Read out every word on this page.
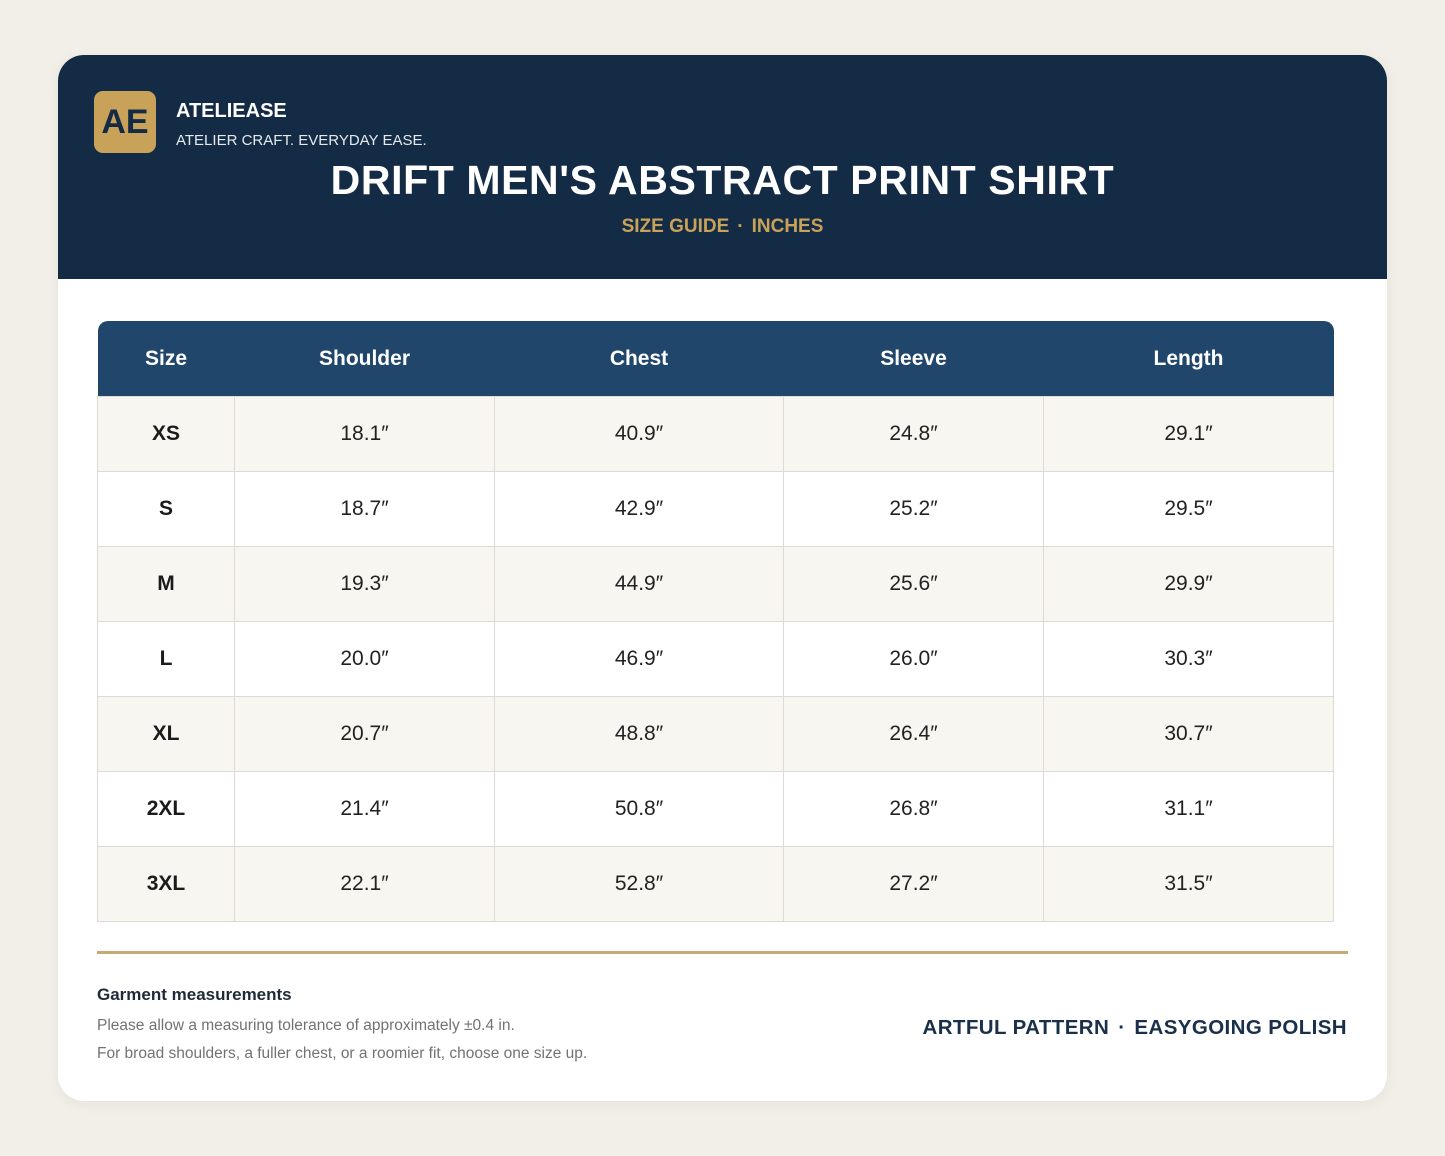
AE	ATELIEASE
ATELIER CRAFT. EVERYDAY EASE.
DRIFT MEN'S ABSTRACT PRINT SHIRT
SIZE GUIDE · INCHES
Size	Shoulder	Chest	Sleeve	Length
XS	18.1″	40.9″	24.8″	29.1″
S	18.7″	42.9″	25.2″	29.5″
M	19.3″	44.9″	25.6″	29.9″
L	20.0″	46.9″	26.0″	30.3″
XL	20.7″	48.8″	26.4″	30.7″
2XL	21.4″	50.8″	26.8″	31.1″
3XL	22.1″	52.8″	27.2″	31.5″
Garment measurements
Please allow a measuring tolerance of approximately ±0.4 in.
For broad shoulders, a fuller chest, or a roomier fit, choose one size up.
ARTFUL PATTERN · EASYGOING POLISH
